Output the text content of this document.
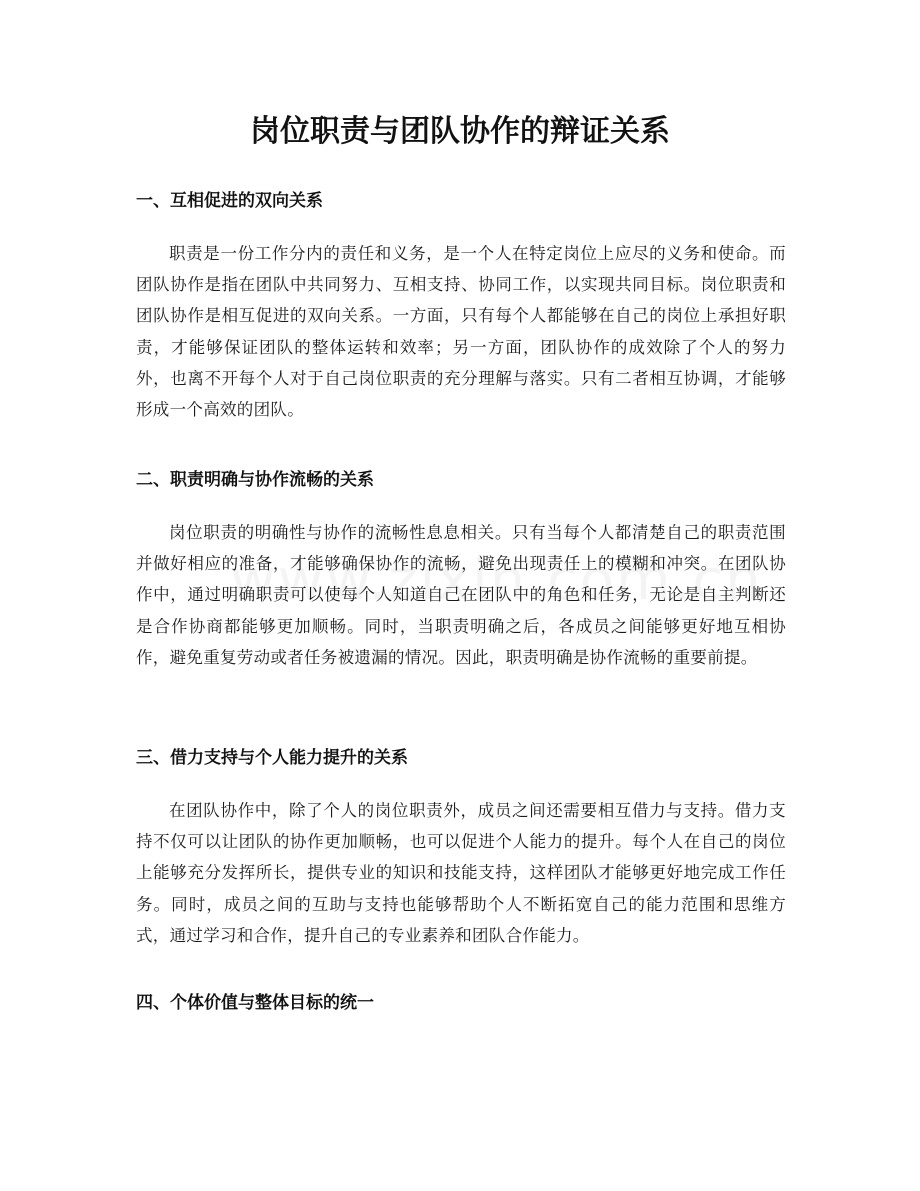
岗位职责与团队协作的辩证关系
一、互相促进的双向关系

职责是一份工作分内的责任和义务，是一个人在特定岗位上应尽的义务和使命。而团队协作是指在团队中共同努力、互相支持、协同工作，以实现共同目标。岗位职责和团队协作是相互促进的双向关系。一方面，只有每个人都能够在自己的岗位上承担好职责，才能够保证团队的整体运转和效率；另一方面，团队协作的成效除了个人的努力外，也离不开每个人对于自己岗位职责的充分理解与落实。只有二者相互协调，才能够形成一个高效的团队。

二、职责明确与协作流畅的关系

岗位职责的明确性与协作的流畅性息息相关。只有当每个人都清楚自己的职责范围并做好相应的准备，才能够确保协作的流畅，避免出现责任上的模糊和冲突。在团队协作中，通过明确职责可以使每个人知道自己在团队中的角色和任务，无论是自主判断还是合作协商都能够更加顺畅。同时，当职责明确之后，各成员之间能够更好地互相协作，避免重复劳动或者任务被遗漏的情况。因此，职责明确是协作流畅的重要前提。

三、借力支持与个人能力提升的关系

在团队协作中，除了个人的岗位职责外，成员之间还需要相互借力与支持。借力支持不仅可以让团队的协作更加顺畅，也可以促进个人能力的提升。每个人在自己的岗位上能够充分发挥所长，提供专业的知识和技能支持，这样团队才能够更好地完成工作任务。同时，成员之间的互助与支持也能够帮助个人不断拓宽自己的能力范围和思维方式，通过学习和合作，提升自己的专业素养和团队合作能力。

四、个体价值与整体目标的统一
